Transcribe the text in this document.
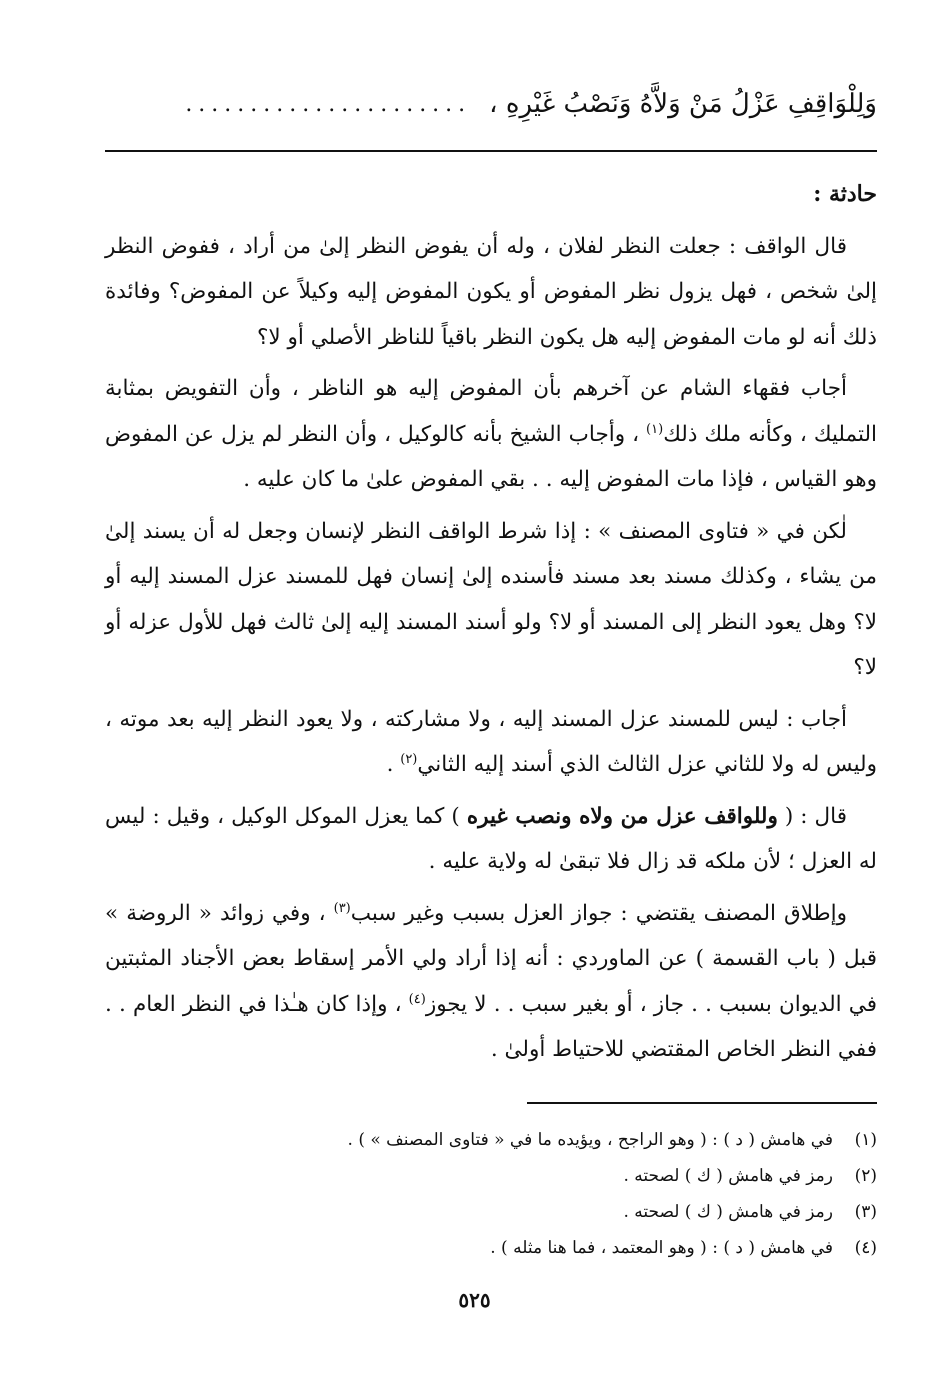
وَلِلْوَاقِفِ عَزْلُ مَنْ وَلاَّهُ وَنَصْبُ غَيْرِهِ ،
......................

حادثة :

قال الواقف : جعلت النظر لفلان ، وله أن يفوض النظر إلىٰ من أراد ، ففوض النظر إلىٰ شخص ، فهل يزول نظر المفوض أو يكون المفوض إليه وكيلاً عن المفوض؟ وفائدة ذلك أنه لو مات المفوض إليه هل يكون النظر باقياً للناظر الأصلي أو لا؟

أجاب فقهاء الشام عن آخرهم بأن المفوض إليه هو الناظر ، وأن التفويض بمثابة التمليك ، وكأنه ملك ذلك$^{(١)}$ ، وأجاب الشيخ بأنه كالوكيل ، وأن النظر لم يزل عن المفوض وهو القياس ، فإذا مات المفوض إليه . . بقي المفوض علىٰ ما كان عليه .

لٰكن في « فتاوى المصنف » : إذا شرط الواقف النظر لإنسان وجعل له أن يسند إلىٰ من يشاء ، وكذلك مسند بعد مسند فأسنده إلىٰ إنسان فهل للمسند عزل المسند إليه أو لا؟ وهل يعود النظر إلى المسند أو لا؟ ولو أسند المسند إليه إلىٰ ثالث فهل للأول عزله أو لا؟

أجاب : ليس للمسند عزل المسند إليه ، ولا مشاركته ، ولا يعود النظر إليه بعد موته ، وليس له ولا للثاني عزل الثالث الذي أسند إليه الثاني$^{(٢)}$ .

قال : ( وللواقف عزل من ولاه ونصب غيره ) كما يعزل الموكل الوكيل ، وقيل : ليس له العزل ؛ لأن ملكه قد زال فلا تبقىٰ له ولاية عليه .

وإطلاق المصنف يقتضي : جواز العزل بسبب وغير سبب$^{(٣)}$ ، وفي زوائد « الروضة » قبل ( باب القسمة ) عن الماوردي : أنه إذا أراد ولي الأمر إسقاط بعض الأجناد المثبتين في الديوان بسبب . . جاز ، أو بغير سبب . . لا يجوز$^{(٤)}$ ، وإذا كان هـٰذا في النظر العام . . ففي النظر الخاص المقتضي للاحتياط أولىٰ .

(١)
في هامش ( د ) : ( وهو الراجح ، ويؤيده ما في « فتاوى المصنف » ) .
(٢)
رمز في هامش ( ك ) لصحته .
(٣)
رمز في هامش ( ك ) لصحته .
(٤)
في هامش ( د ) : ( وهو المعتمد ، فما هنا مثله ) .
٥٢٥
